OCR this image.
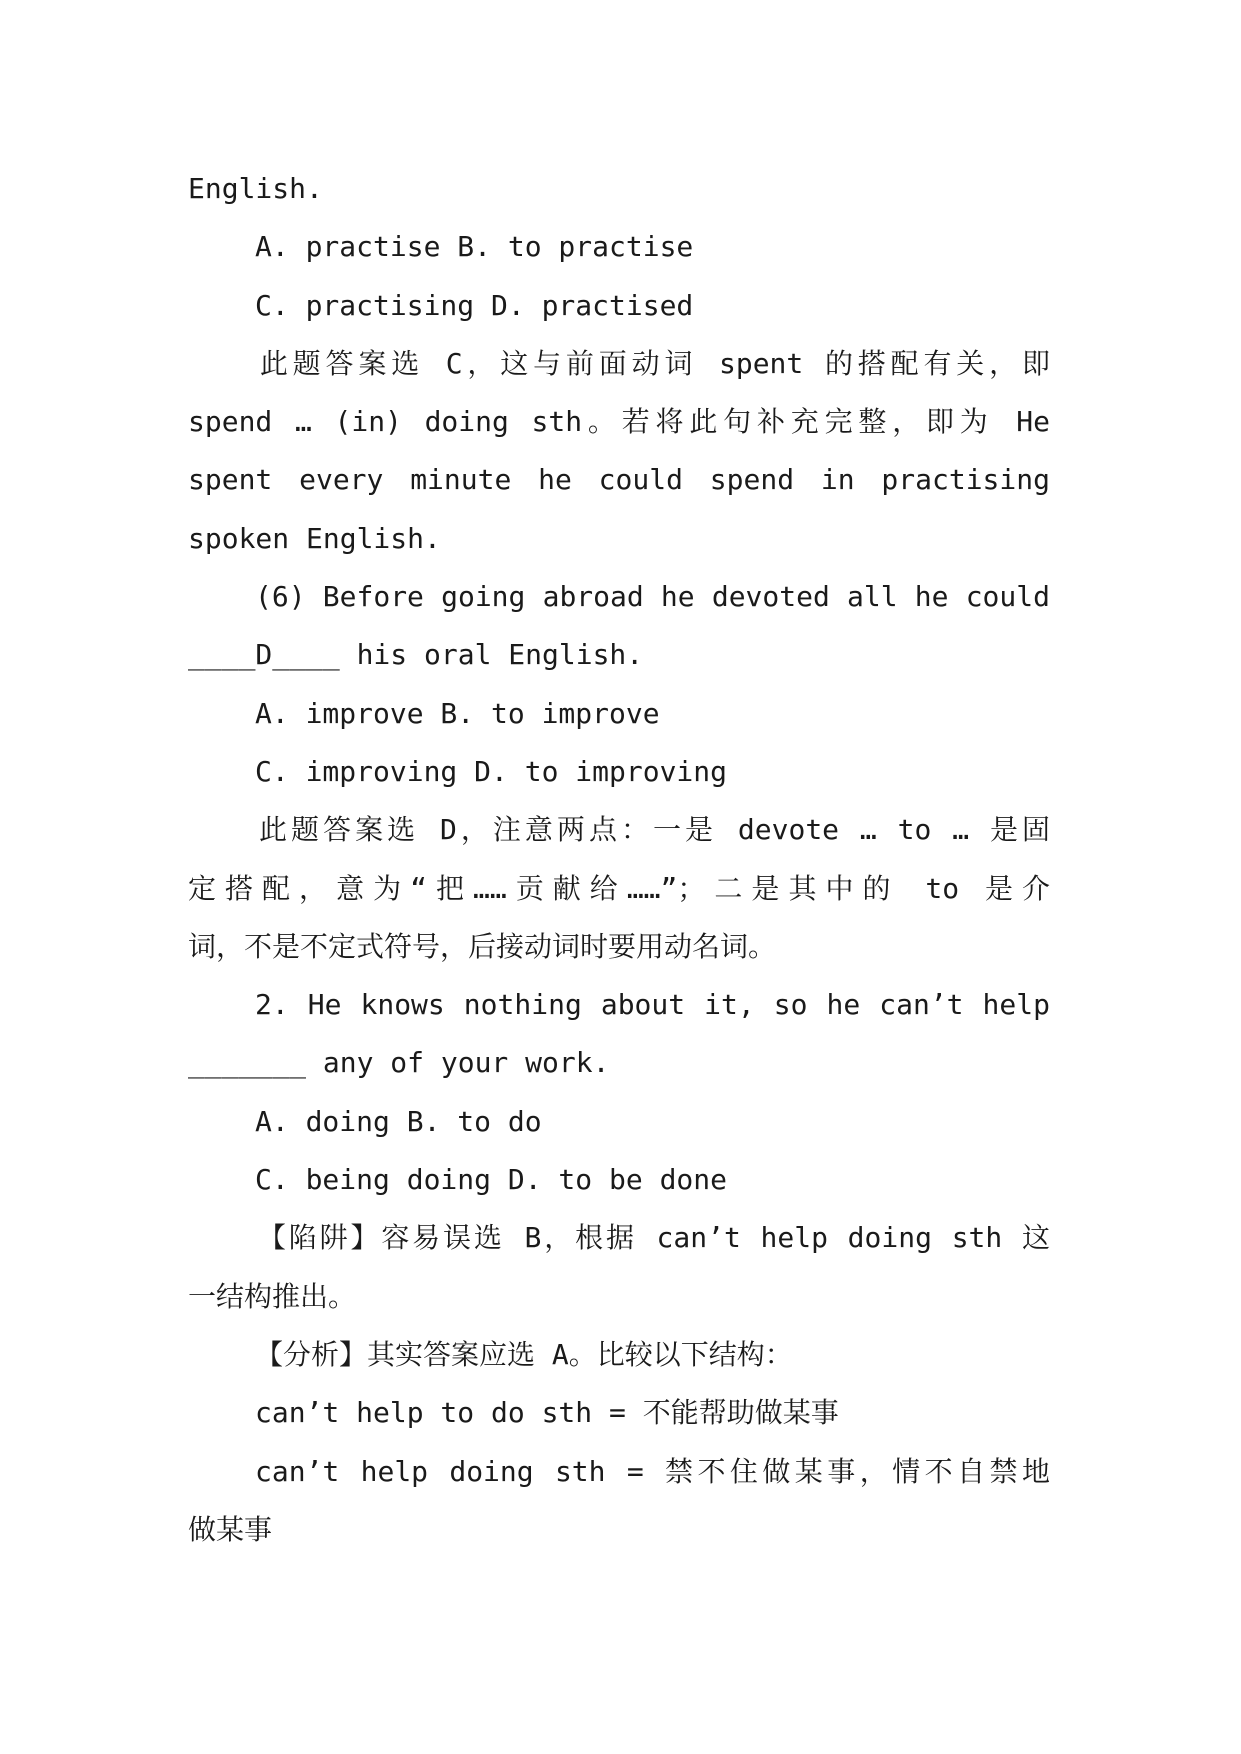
English.

A. practise B. to practise

C. practising D. practised

此题答案选 C，这与前面动词 spent 的搭配有关，即

spend … (in) doing sth。若将此句补充完整，即为 He

spent every minute he could spend in practising

spoken English.

(6) Before going abroad he devoted all he could

____D____ his oral English.

A. improve B. to improve

C. improving D. to improving

此题答案选 D，注意两点：一是 devote … to … 是固

定搭配，意为“把……贡献给……”；二是其中的 to 是介

词，不是不定式符号，后接动词时要用动名词。

2. He knows nothing about it, so he can’t help

_______ any of your work.

A. doing B. to do

C. being doing D. to be done

【陷阱】容易误选 B，根据 can’t help doing sth 这

一结构推出。

【分析】其实答案应选 A。比较以下结构：

can’t help to do sth = 不能帮助做某事

can’t help doing sth = 禁不住做某事，情不自禁地

做某事
